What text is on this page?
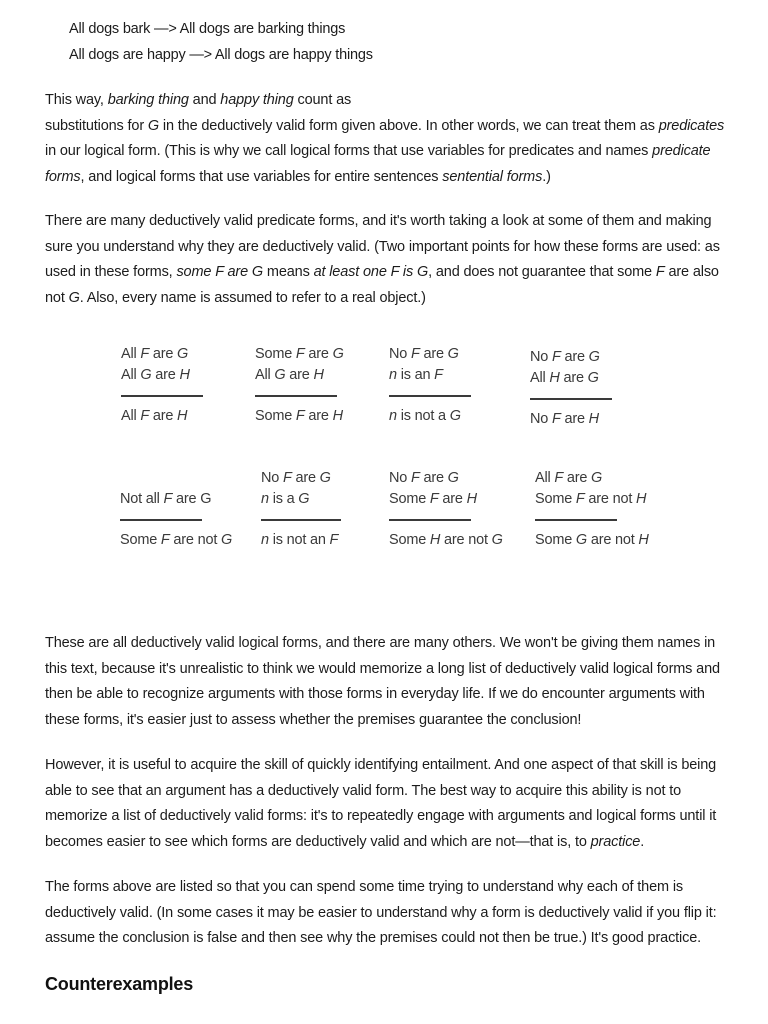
All dogs bark —> All dogs are barking things
All dogs are happy —> All dogs are happy things

This way, barking thing and happy thing count as
substitutions for G in the deductively valid form given above. In other words, we can treat them as predicates in our logical form. (This is why we call logical forms that use variables for predicates and names predicate forms, and logical forms that use variables for entire sentences sentential forms.)

There are many deductively valid predicate forms, and it's worth taking a look at some of them and making sure you understand why they are deductively valid. (Two important points for how these forms are used: as used in these forms, some F are G means at least one F is G, and does not guarantee that some F are also not G. Also, every name is assumed to refer to a real object.)

All F are G
All G are H
All F are H
Some F are G
All G are H
Some F are H
No F are G
n is an F
n is not a G
No F are G
All H are G
No F are H
Not all F are G
Some F are not G
No F are G
n is a G
n is not an F
No F are G
Some F are H
Some H are not G
All F are G
Some F are not H
Some G are not H

These are all deductively valid logical forms, and there are many others. We won't be giving them names in this text, because it's unrealistic to think we would memorize a long list of deductively valid logical forms and then be able to recognize arguments with those forms in everyday life. If we do encounter arguments with these forms, it's easier just to assess whether the premises guarantee the conclusion!

However, it is useful to acquire the skill of quickly identifying entailment. And one aspect of that skill is being able to see that an argument has a deductively valid form. The best way to acquire this ability is not to memorize a list of deductively valid forms: it's to repeatedly engage with arguments and logical forms until it becomes easier to see which forms are deductively valid and which are not—that is, to practice.

The forms above are listed so that you can spend some time trying to understand why each of them is deductively valid. (In some cases it may be easier to understand why a form is deductively valid if you flip it: assume the conclusion is false and then see why the premises could not then be true.) It's good practice.

Counterexamples
